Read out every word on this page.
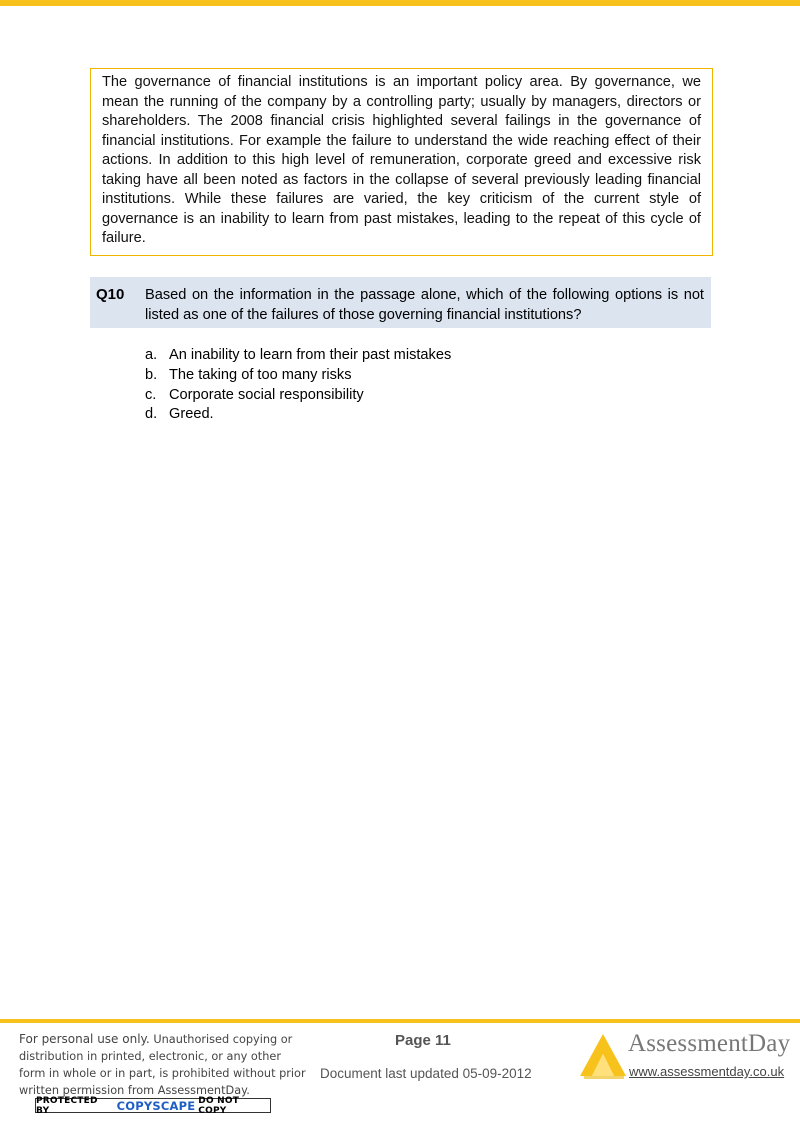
The governance of financial institutions is an important policy area. By governance, we mean the running of the company by a controlling party; usually by managers, directors or shareholders. The 2008 financial crisis highlighted several failings in the governance of financial institutions. For example the failure to understand the wide reaching effect of their actions. In addition to this high level of remuneration, corporate greed and excessive risk taking have all been noted as factors in the collapse of several previously leading financial institutions. While these failures are varied, the key criticism of the current style of governance is an inability to learn from past mistakes, leading to the repeat of this cycle of failure.
Q10 Based on the information in the passage alone, which of the following options is not listed as one of the failures of those governing financial institutions?
a. An inability to learn from their past mistakes
b. The taking of too many risks
c. Corporate social responsibility
d. Greed.
For personal use only. Unauthorised copying or distribution in printed, electronic, or any other form in whole or in part, is prohibited without prior written permission from AssessmentDay.
PROTECTED BY	COPYSCAPE DO NOT COPY
Page 11
Document last updated 05-09-2012
AssessmentDay
www.assessmentday.co.uk
